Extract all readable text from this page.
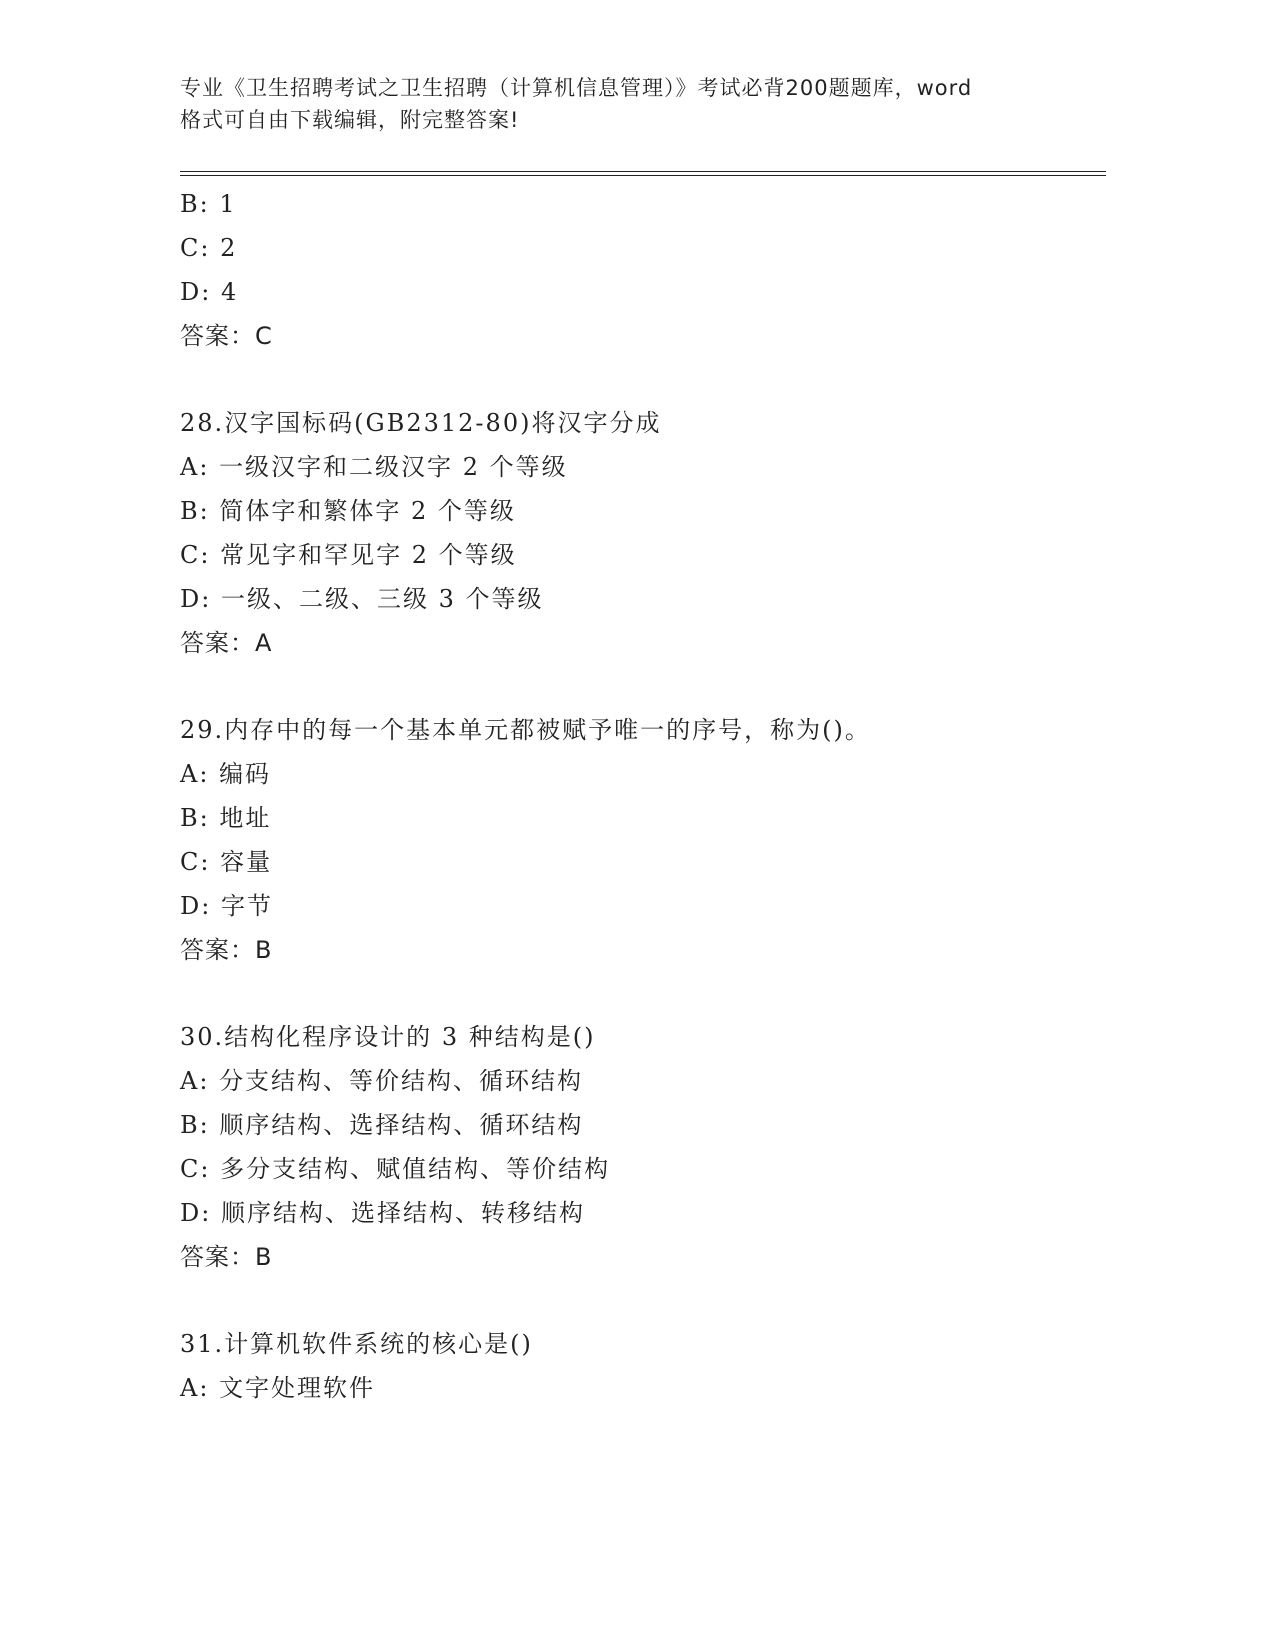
专业《卫生招聘考试之卫生招聘（计算机信息管理）》考试必背200题题库，word
格式可自由下载编辑，附完整答案!
B : 1
C : 2
D : 4
答案 ： C
28 . 汉字国标码(GB2312-80)将汉字分成
A : 一级汉字和二级汉字 2 个等级
B : 简体字和繁体字 2 个等级
C : 常见字和罕见字 2 个等级
D : 一级、二级、三级 3 个等级
答案 ： A
29 . 内存中的每一个基本单元都被赋予唯一的序号，称为()。
A : 编码
B : 地址
C : 容量
D : 字节
答案 ： B
30 . 结构化程序设计的 3 种结构是()
A : 分支结构、等价结构、循环结构
B : 顺序结构、选择结构、循环结构
C : 多分支结构、赋值结构、等价结构
D : 顺序结构、选择结构、转移结构
答案 ： B
31 . 计算机软件系统的核心是()
A : 文字处理软件
